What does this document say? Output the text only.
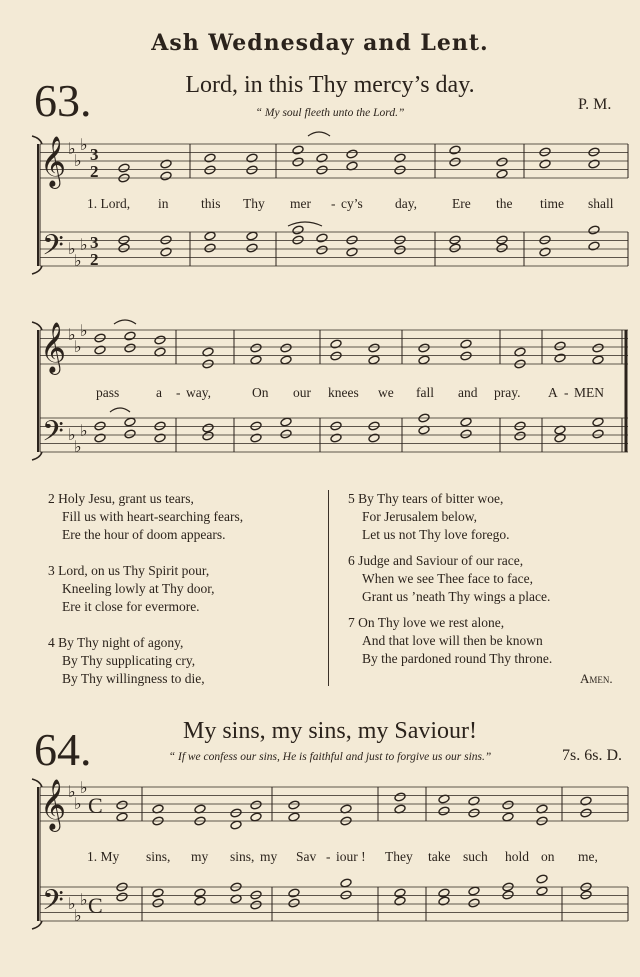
Ash Wednesday and Lent.
63.	Lord, in this Thy mercy’s day.
“ My soul fleeth unto the Lord.”	P. M.
𝄞
𝄢
♭
♭
♭
♭
♭
♭
3
2
3
2
1. Lord, in this Thy mer - cy’s day,	Ere the time shall
𝄞
𝄢
♭
♭
♭
♭
♭
♭
pass	a - way,	On our knees we fall and pray. A - MEN
2 Holy Jesu, grant us tears,
Fill us with heart-searching fears,
Ere the hour of doom appears.
3 Lord, on us Thy Spirit pour,
Kneeling lowly at Thy door,
Ere it close for evermore.
4 By Thy night of agony,
By Thy supplicating cry,
By Thy willingness to die,
5 By Thy tears of bitter woe,
For Jerusalem below,
Let us not Thy love forego.
6 Judge and Saviour of our race,
When we see Thee face to face,
Grant us ’neath Thy wings a place.
7 On Thy love we rest alone,
And that love will then be known
By the pardoned round Thy throne.
Amen.
64.	My sins, my sins, my Saviour!
“ If we confess our sins, He is faithful and just to forgive us our sins.”	7s. 6s. D.
𝄞
𝄢
♭
♭
♭
♭
♭
♭
C
C
1. My sins, my sins, my Sav - iour ! They take such hold on me,
